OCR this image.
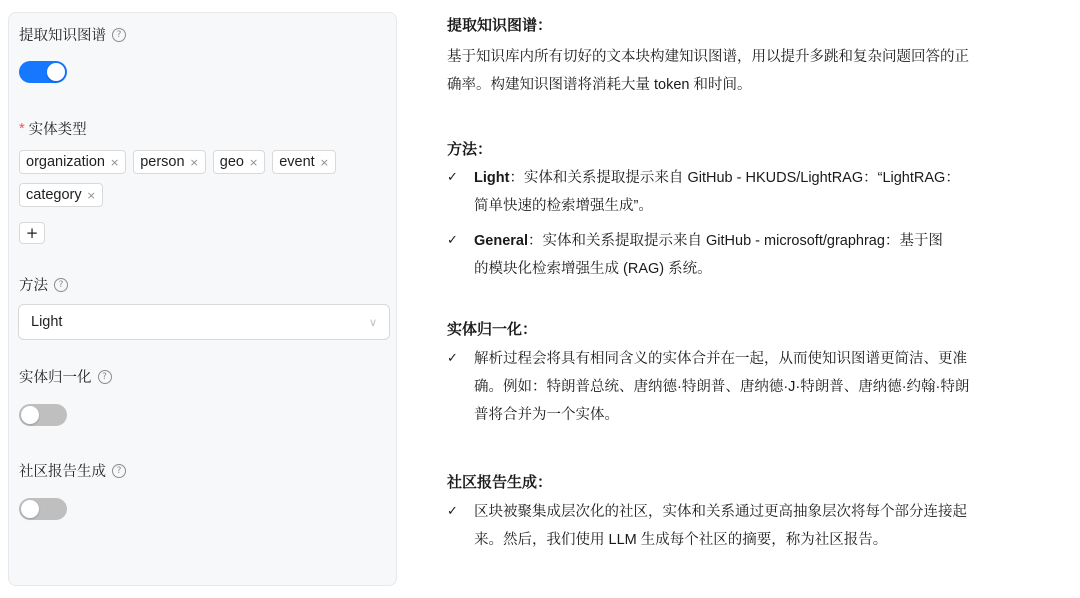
提取知识图谱	?
* 实体类型
organization × person × geo × event ×
category ×
+
方法	?
Light	∨
实体归一化	?
社区报告生成	?
提取知识图谱：
基于知识库内所有切好的文本块构建知识图谱，用以提升多跳和复杂问题回答的正
确率。构建知识图谱将消耗大量 token 和时间。
方法：
✓	Light：实体和关系提取提示来自 GitHub - HKUDS/LightRAG：“LightRAG：
简单快速的检索增强生成”。
✓	General：实体和关系提取提示来自 GitHub - microsoft/graphrag：基于图
的模块化检索增强生成 (RAG) 系统。
实体归一化：
✓	解析过程会将具有相同含义的实体合并在一起，从而使知识图谱更简洁、更准
确。例如：特朗普总统、唐纳德·特朗普、唐纳德·J·特朗普、唐纳德·约翰·特朗
普将合并为一个实体。
社区报告生成：
✓	区块被聚集成层次化的社区，实体和关系通过更高抽象层次将每个部分连接起
来。然后，我们使用 LLM 生成每个社区的摘要，称为社区报告。
